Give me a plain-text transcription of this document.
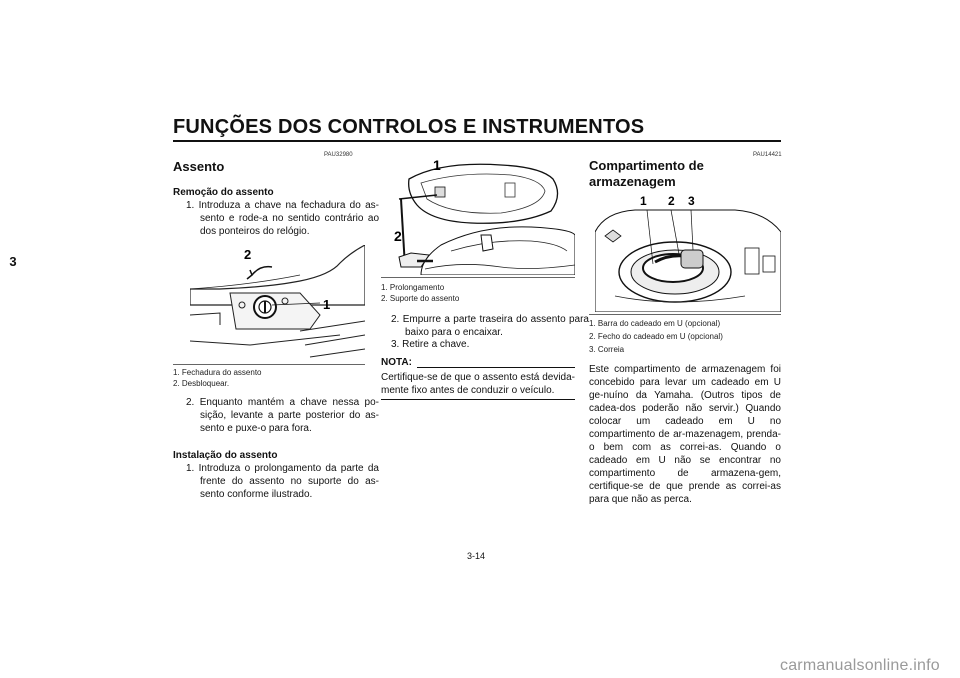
FUNÇÕES DOS CONTROLOS E INSTRUMENTOS
3
PAU32980
Assento
Remoção do assento
1. Introduza a chave na fechadura do as-sento e rode-a no sentido contrário ao dos ponteiros do relógio.
2
1
1. Fechadura do assento
2. Desbloquear.
2. Enquanto mantém a chave nessa po-sição, levante a parte posterior do as-sento e puxe-o para fora.
Instalação do assento
1. Introduza o prolongamento da parte da frente do assento no suporte do as-sento conforme ilustrado.
1
2
1. Prolongamento
2. Suporte do assento
2. Empurre a parte traseira do assento para baixo para o encaixar.
3. Retire a chave.
NOTA:
Certifique-se de que o assento está devida-mente fixo antes de conduzir o veículo.
PAU14421
Compartimento de
armazenagem
1 2 3
1. Barra do cadeado em U (opcional)
2. Fecho do cadeado em U (opcional)
3. Correia
Este compartimento de armazenagem foi concebido para levar um cadeado em U ge-nuíno da Yamaha. (Outros tipos de cadea-dos poderão não servir.) Quando colocar um cadeado em U no compartimento de ar-mazenagem, prenda-o bem com as correi-as. Quando o cadeado em U não se encontrar no compartimento de armazena-gem, certifique-se de que prende as correi-as para que não as perca.
3-14
carmanualsonline.info
